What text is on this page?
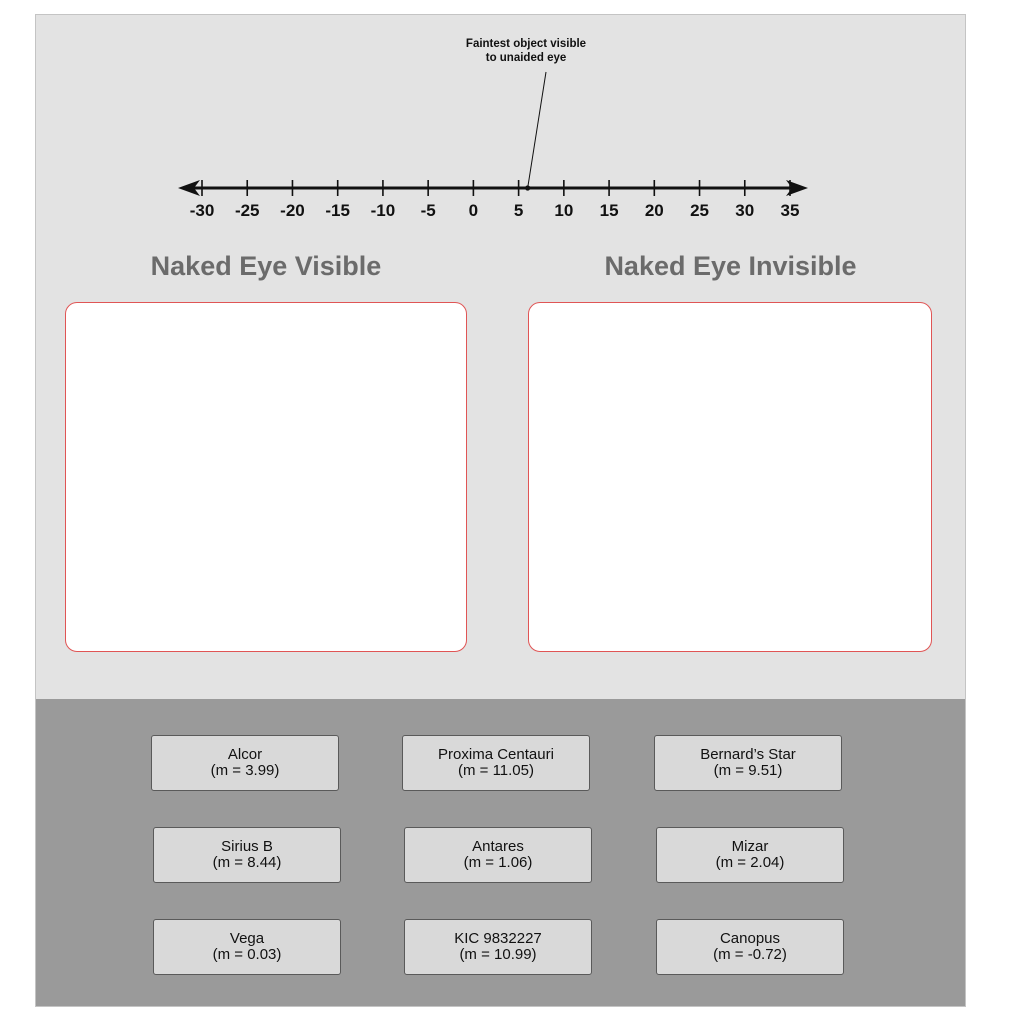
-30 -25 -20 -15 -10 -5 0 5 10 15 20 25 30 35
Faintest object visible
to unaided eye
Naked Eye Visible	Naked Eye Invisible
Alcor
(m = 3.99)
Proxima Centauri
(m = 11.05)
Bernard’s Star
(m = 9.51)
Sirius B
(m = 8.44)
Antares
(m = 1.06)
Mizar
(m = 2.04)
Vega
(m = 0.03)
KIC 9832227
(m = 10.99)
Canopus
(m = -0.72)
